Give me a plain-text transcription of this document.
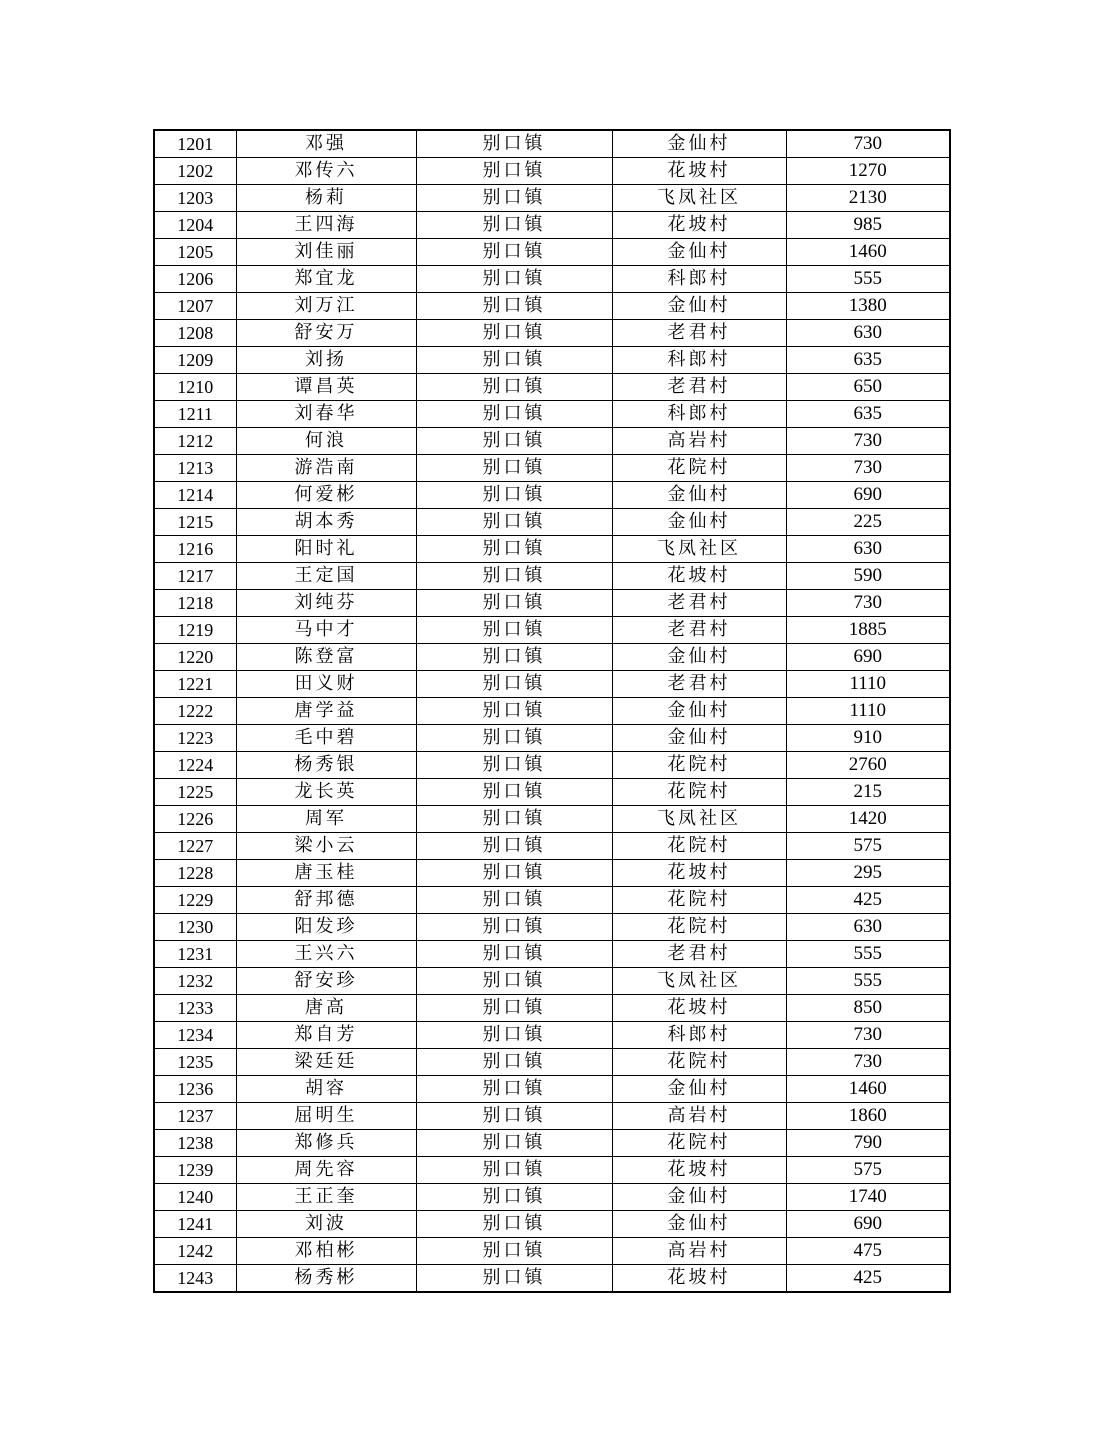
1201	邓强	别口镇	金仙村	730
1202	邓传六	别口镇	花坡村	1270
1203	杨莉	别口镇	飞凤社区	2130
1204	王四海	别口镇	花坡村	985
1205	刘佳丽	别口镇	金仙村	1460
1206	郑宜龙	别口镇	科郎村	555
1207	刘万江	别口镇	金仙村	1380
1208	舒安万	别口镇	老君村	630
1209	刘扬	别口镇	科郎村	635
1210	谭昌英	别口镇	老君村	650
1211	刘春华	别口镇	科郎村	635
1212	何浪	别口镇	高岩村	730
1213	游浩南	别口镇	花院村	730
1214	何爱彬	别口镇	金仙村	690
1215	胡本秀	别口镇	金仙村	225
1216	阳时礼	别口镇	飞凤社区	630
1217	王定国	别口镇	花坡村	590
1218	刘纯芬	别口镇	老君村	730
1219	马中才	别口镇	老君村	1885
1220	陈登富	别口镇	金仙村	690
1221	田义财	别口镇	老君村	1110
1222	唐学益	别口镇	金仙村	1110
1223	毛中碧	别口镇	金仙村	910
1224	杨秀银	别口镇	花院村	2760
1225	龙长英	别口镇	花院村	215
1226	周军	别口镇	飞凤社区	1420
1227	梁小云	别口镇	花院村	575
1228	唐玉桂	别口镇	花坡村	295
1229	舒邦德	别口镇	花院村	425
1230	阳发珍	别口镇	花院村	630
1231	王兴六	别口镇	老君村	555
1232	舒安珍	别口镇	飞凤社区	555
1233	唐高	别口镇	花坡村	850
1234	郑自芳	别口镇	科郎村	730
1235	梁廷廷	别口镇	花院村	730
1236	胡容	别口镇	金仙村	1460
1237	屈明生	别口镇	高岩村	1860
1238	郑修兵	别口镇	花院村	790
1239	周先容	别口镇	花坡村	575
1240	王正奎	别口镇	金仙村	1740
1241	刘波	别口镇	金仙村	690
1242	邓柏彬	别口镇	高岩村	475
1243	杨秀彬	别口镇	花坡村	425
